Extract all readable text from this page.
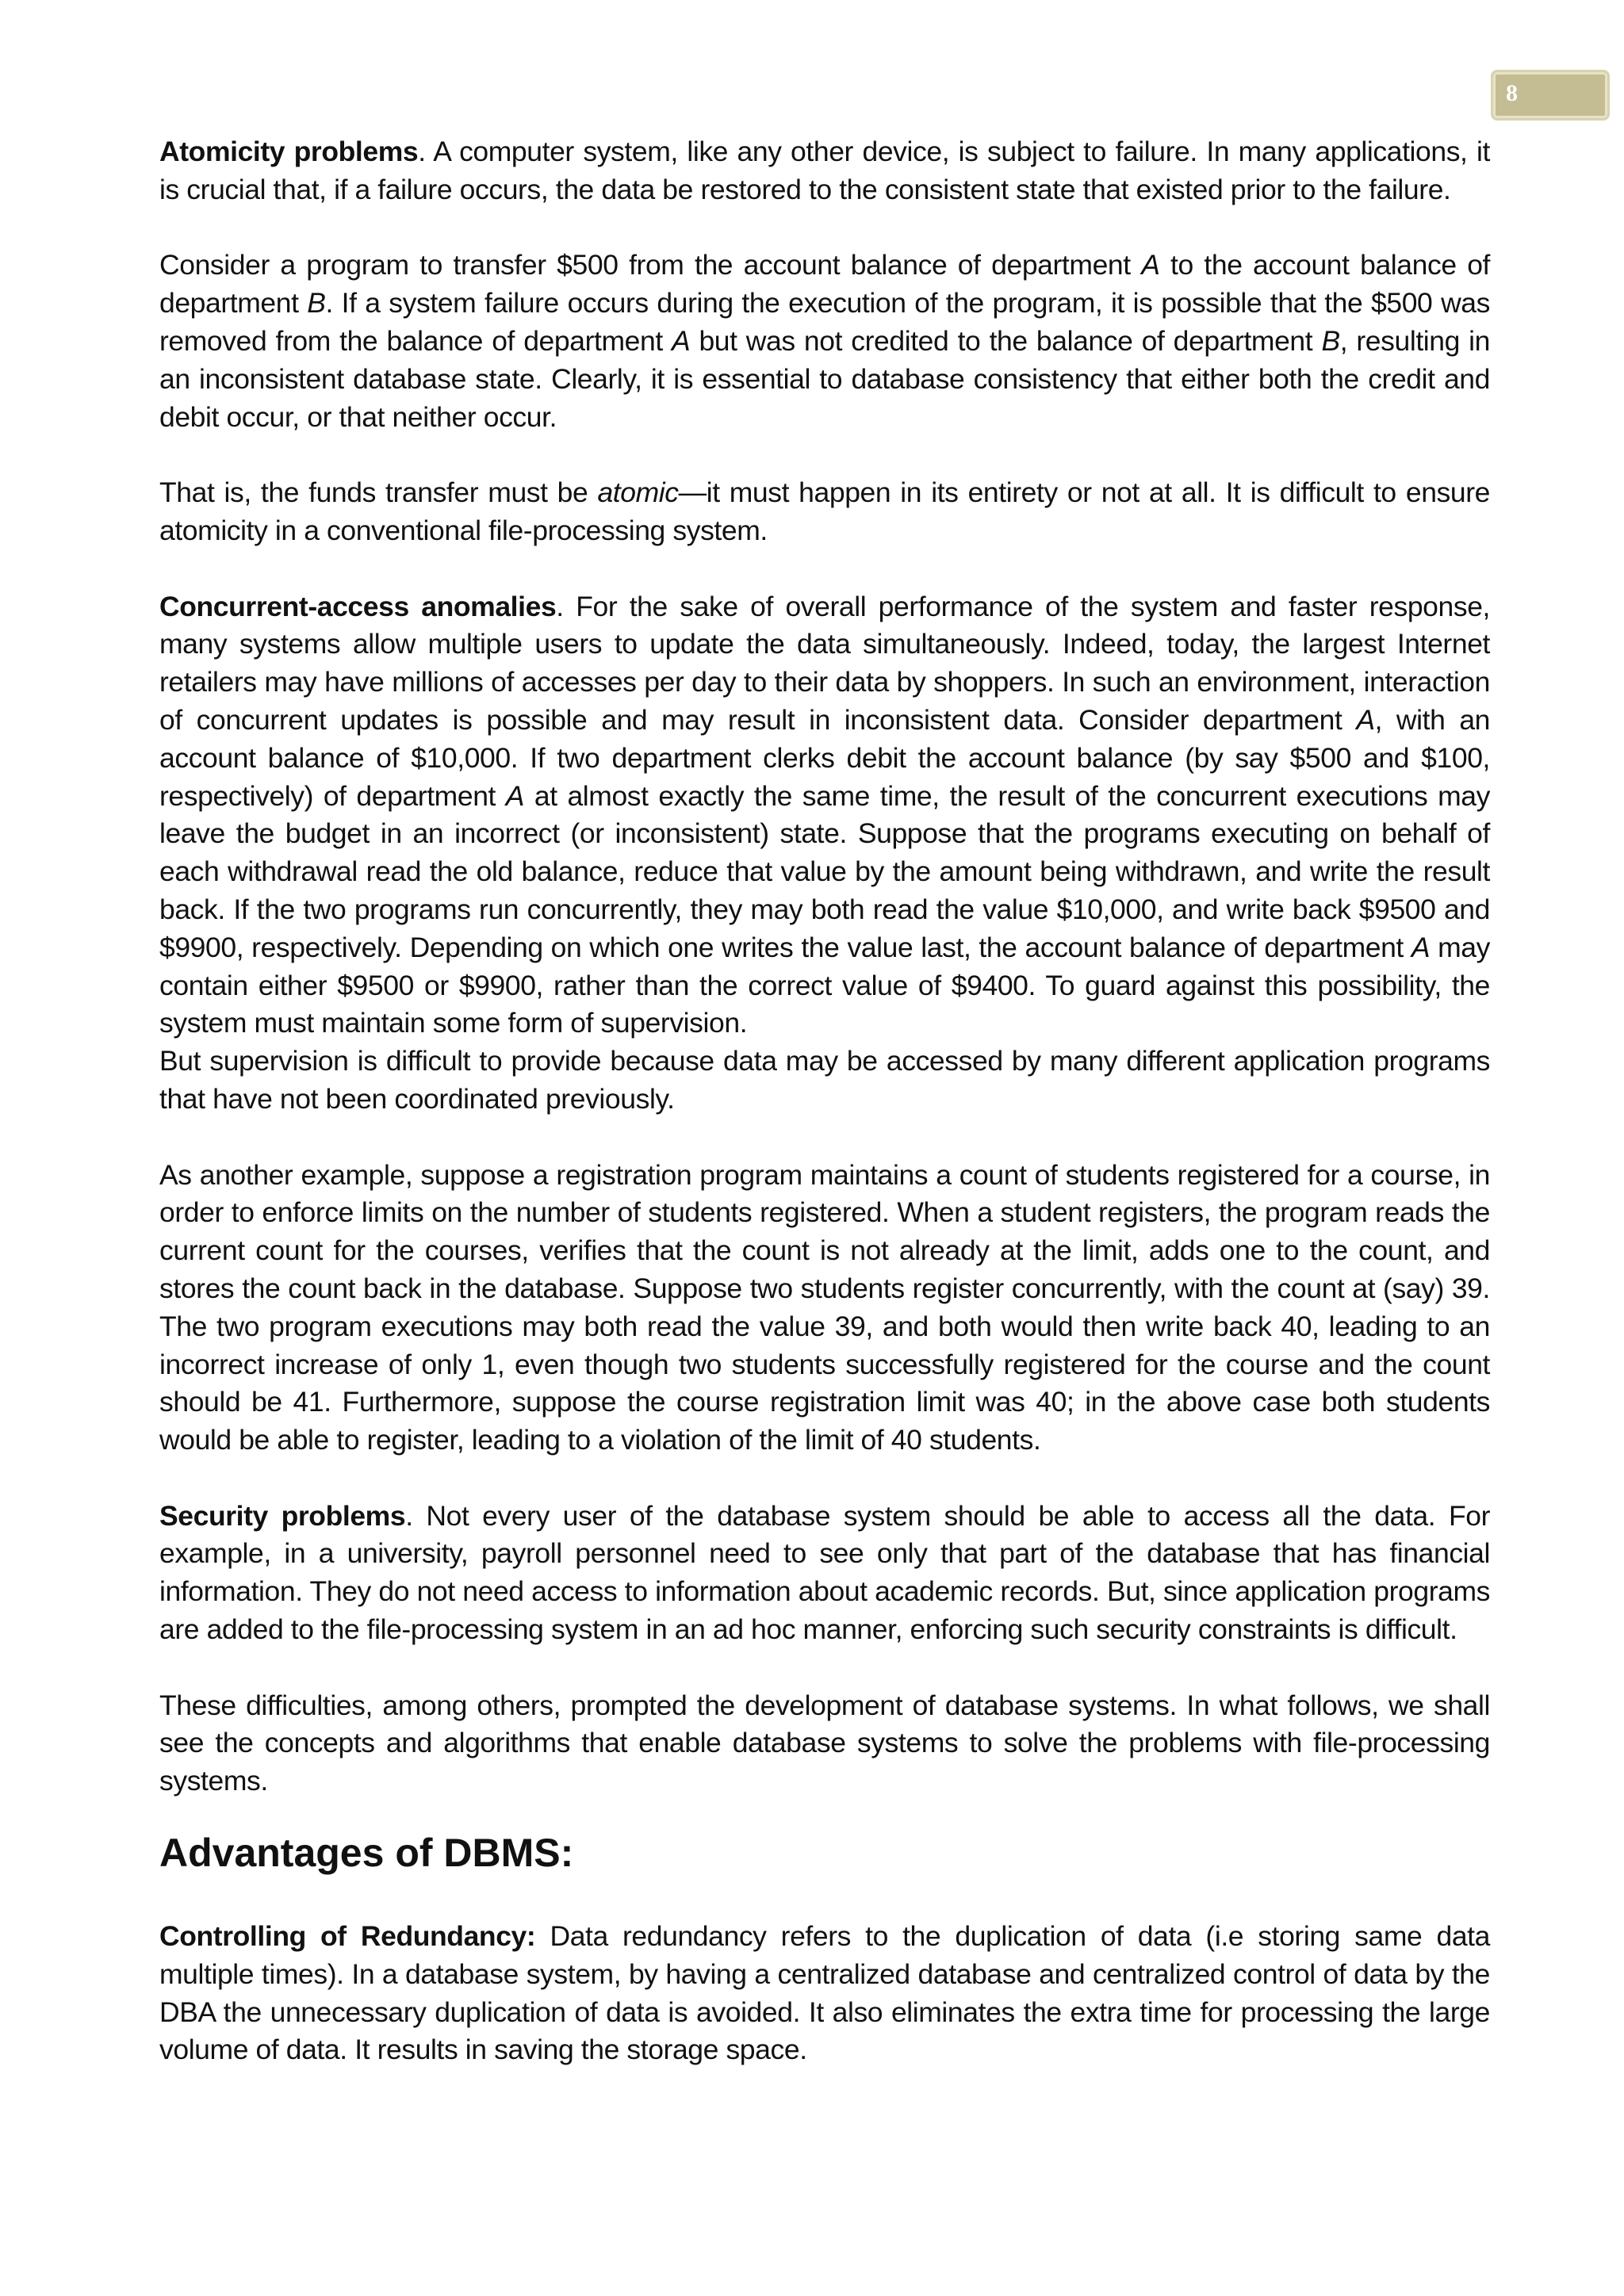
8

Atomicity problems. A computer system, like any other device, is subject to failure. In many applications, it is crucial that, if a failure occurs, the data be restored to the consistent state that existed prior to the failure.

Consider a program to transfer $500 from the account balance of department A to the account balance of department B. If a system failure occurs during the execution of the program, it is possible that the $500 was removed from the balance of department A but was not credited to the balance of department B, resulting in an inconsistent database state. Clearly, it is essential to database consistency that either both the credit and debit occur, or that neither occur.

That is, the funds transfer must be atomic—it must happen in its entirety or not at all. It is difficult to ensure atomicity in a conventional file-processing system.

Concurrent-access anomalies. For the sake of overall performance of the system and faster response, many systems allow multiple users to update the data simultaneously. Indeed, today, the largest Internet retailers may have millions of accesses per day to their data by shoppers. In such an environment, interaction of concurrent updates is possible and may result in inconsistent data. Consider department A, with an account balance of $10,000. If two department clerks debit the account balance (by say $500 and $100, respectively) of department A at almost exactly the same time, the result of the concurrent executions may leave the budget in an incorrect (or inconsistent) state. Suppose that the programs executing on behalf of each withdrawal read the old balance, reduce that value by the amount being withdrawn, and write the result back. If the two programs run concurrently, they may both read the value $10,000, and write back $9500 and $9900, respectively. Depending on which one writes the value last, the account balance of department A may contain either $9500 or $9900, rather than the correct value of $9400. To guard against this possibility, the system must maintain some form of supervision.

But supervision is difficult to provide because data may be accessed by many different application programs that have not been coordinated previously.

As another example, suppose a registration program maintains a count of students registered for a course, in order to enforce limits on the number of students registered. When a student registers, the program reads the current count for the courses, verifies that the count is not already at the limit, adds one to the count, and stores the count back in the database. Suppose two students register concurrently, with the count at (say) 39. The two program executions may both read the value 39, and both would then write back 40, leading to an incorrect increase of only 1, even though two students successfully registered for the course and the count should be 41. Furthermore, suppose the course registration limit was 40; in the above case both students would be able to register, leading to a violation of the limit of 40 students.

Security problems. Not every user of the database system should be able to access all the data. For example, in a university, payroll personnel need to see only that part of the database that has financial information. They do not need access to information about academic records. But, since application programs are added to the file-processing system in an ad hoc manner, enforcing such security constraints is difficult.

These difficulties, among others, prompted the development of database systems. In what follows, we shall see the concepts and algorithms that enable database systems to solve the problems with file-processing systems.

Advantages of DBMS:

Controlling of Redundancy: Data redundancy refers to the duplication of data (i.e storing same data multiple times). In a database system, by having a centralized database and centralized control of data by the DBA the unnecessary duplication of data is avoided. It also eliminates the extra time for processing the large volume of data. It results in saving the storage space.
